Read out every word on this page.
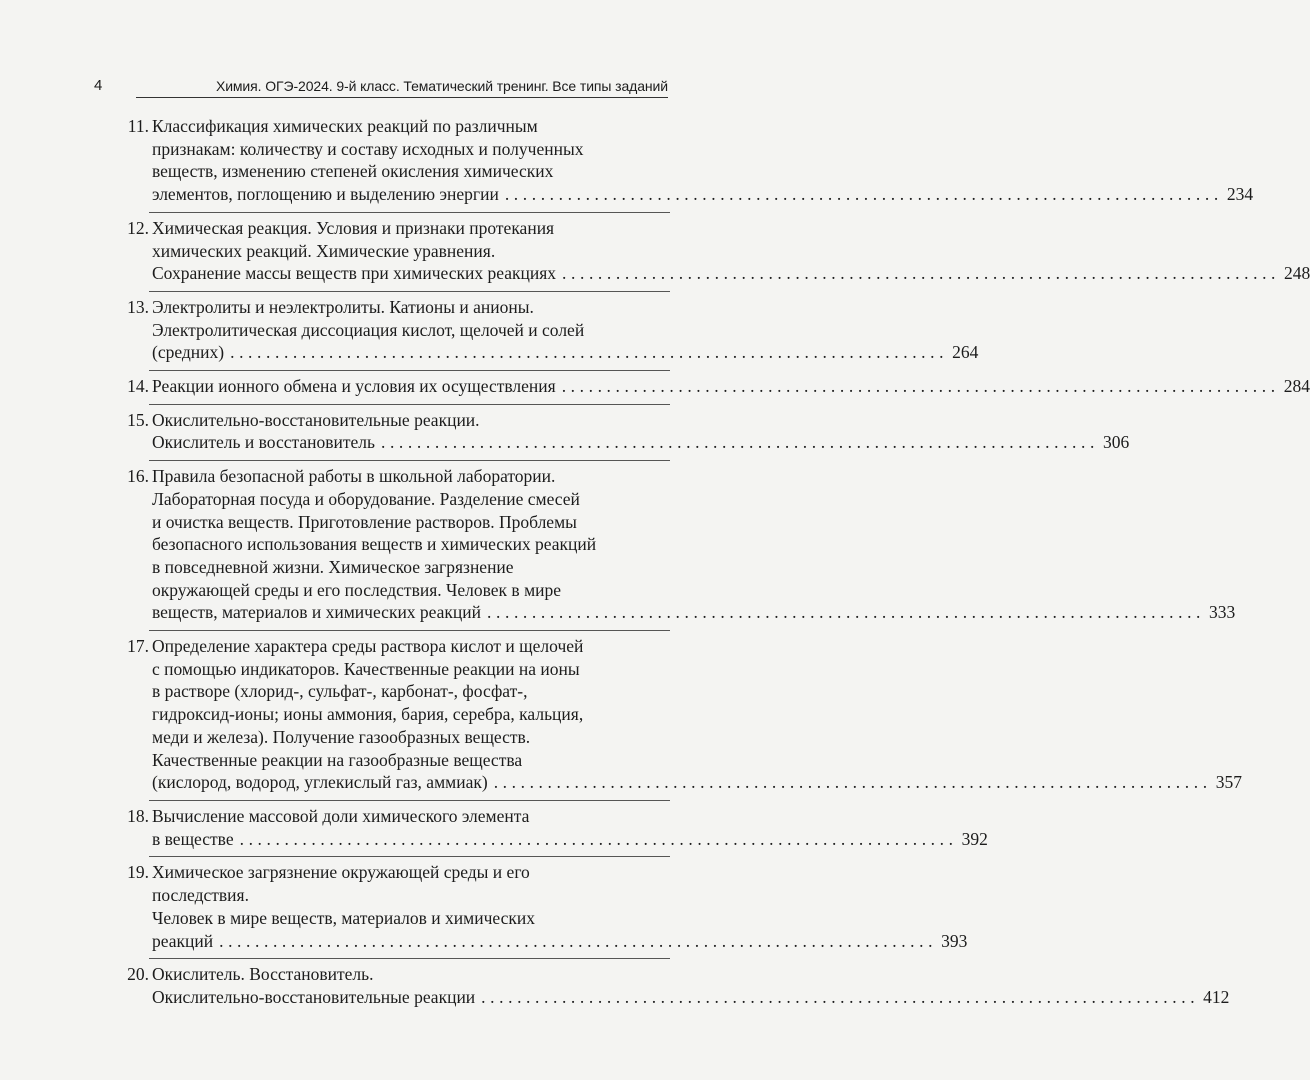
4	Химия. ОГЭ-2024. 9-й класс. Тематический тренинг. Все типы заданий
11. Классификация химических реакций по различным
признакам: количеству и составу исходных и полученных
веществ, изменению степеней окисления химических
элементов, поглощению и выделению энергии ................................................................................ 234
12. Химическая реакция. Условия и признаки протекания
химических реакций. Химические уравнения.
Сохранение массы веществ при химических реакциях ................................................................................ 248
13. Электролиты и неэлектролиты. Катионы и анионы.
Электролитическая диссоциация кислот, щелочей и солей
(средних) ................................................................................ 264
14. Реакции ионного обмена и условия их осуществления ................................................................................ 284
15. Окислительно-восстановительные реакции.
Окислитель и восстановитель ................................................................................ 306
16. Правила безопасной работы в школьной лаборатории.
Лабораторная посуда и оборудование. Разделение смесей
и очистка веществ. Приготовление растворов. Проблемы
безопасного использования веществ и химических реакций
в повседневной жизни. Химическое загрязнение
окружающей среды и его последствия. Человек в мире
веществ, материалов и химических реакций ................................................................................ 333
17. Определение характера среды раствора кислот и щелочей
с помощью индикаторов. Качественные реакции на ионы
в растворе (хлорид-, сульфат-, карбонат-, фосфат-,
гидроксид-ионы; ионы аммония, бария, серебра, кальция,
меди и железа). Получение газообразных веществ.
Качественные реакции на газообразные вещества
(кислород, водород, углекислый газ, аммиак) ................................................................................ 357
18. Вычисление массовой доли химического элемента
в веществе ................................................................................ 392
19. Химическое загрязнение окружающей среды и его
последствия.
Человек в мире веществ, материалов и химических
реакций ................................................................................ 393
20. Окислитель. Восстановитель.
Окислительно-восстановительные реакции ................................................................................ 412
